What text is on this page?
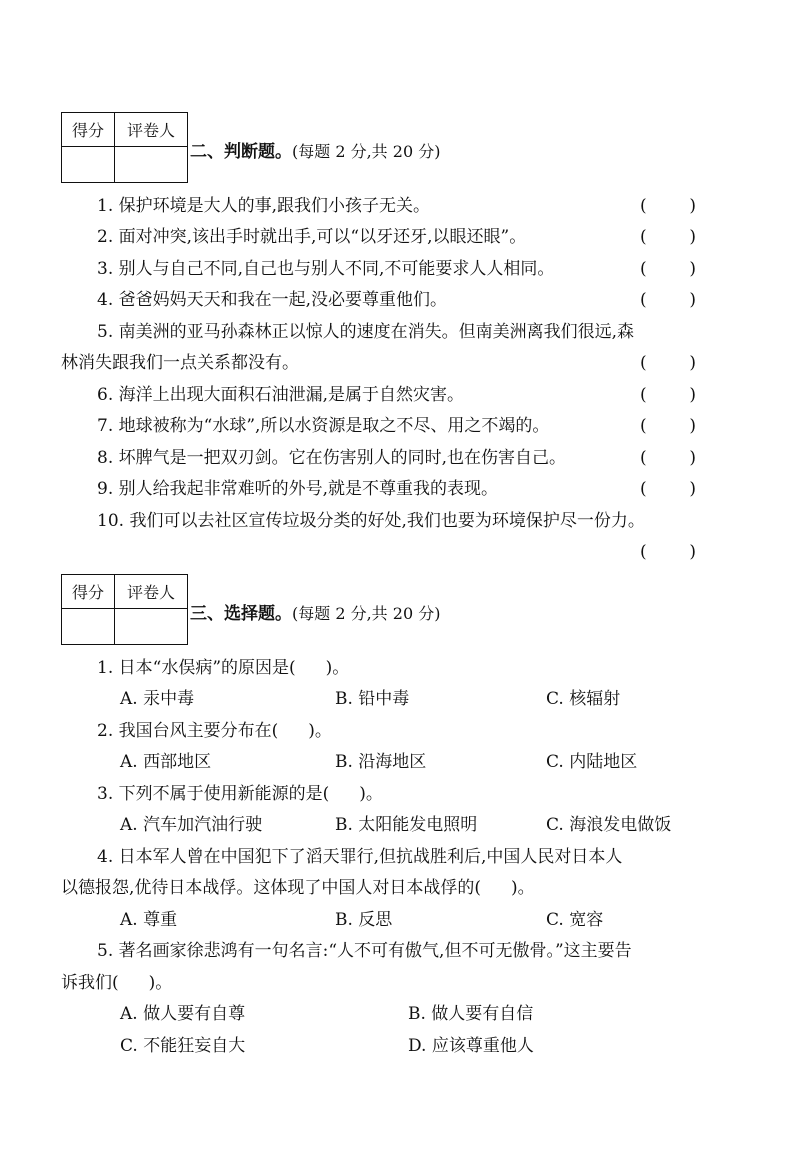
得分	评卷人

二、判断题。(每题 2 分,共 20 分)
1. 保护环境是大人的事,跟我们小孩子无关。	(	)
2. 面对冲突,该出手时就出手,可以“以牙还牙,以眼还眼”。	(	)
3. 别人与自己不同,自己也与别人不同,不可能要求人人相同。	(	)
4. 爸爸妈妈天天和我在一起,没必要尊重他们。	(	)
5. 南美洲的亚马孙森林正以惊人的速度在消失。但南美洲离我们很远,森
林消失跟我们一点关系都没有。	(	)
6. 海洋上出现大面积石油泄漏,是属于自然灾害。	(	)
7. 地球被称为“水球”,所以水资源是取之不尽、用之不竭的。	(	)
8. 坏脾气是一把双刃剑。它在伤害别人的同时,也在伤害自己。	(	)
9. 别人给我起非常难听的外号,就是不尊重我的表现。	(	)
10. 我们可以去社区宣传垃圾分类的好处,我们也要为环境保护尽一份力。
(	)
得分	评卷人

三、选择题。(每题 2 分,共 20 分)
1. 日本“水俣病”的原因是( )。
A. 汞中毒	B. 铅中毒	C. 核辐射
2. 我国台风主要分布在( )。
A. 西部地区	B. 沿海地区	C. 内陆地区
3. 下列不属于使用新能源的是( )。
A. 汽车加汽油行驶	B. 太阳能发电照明	C. 海浪发电做饭
4. 日本军人曾在中国犯下了滔天罪行,但抗战胜利后,中国人民对日本人
以德报怨,优待日本战俘。这体现了中国人对日本战俘的( )。
A. 尊重	B. 反思	C. 宽容
5. 著名画家徐悲鸿有一句名言:“人不可有傲气,但不可无傲骨。”这主要告
诉我们( )。
A. 做人要有自尊	B. 做人要有自信
C. 不能狂妄自大	D. 应该尊重他人
